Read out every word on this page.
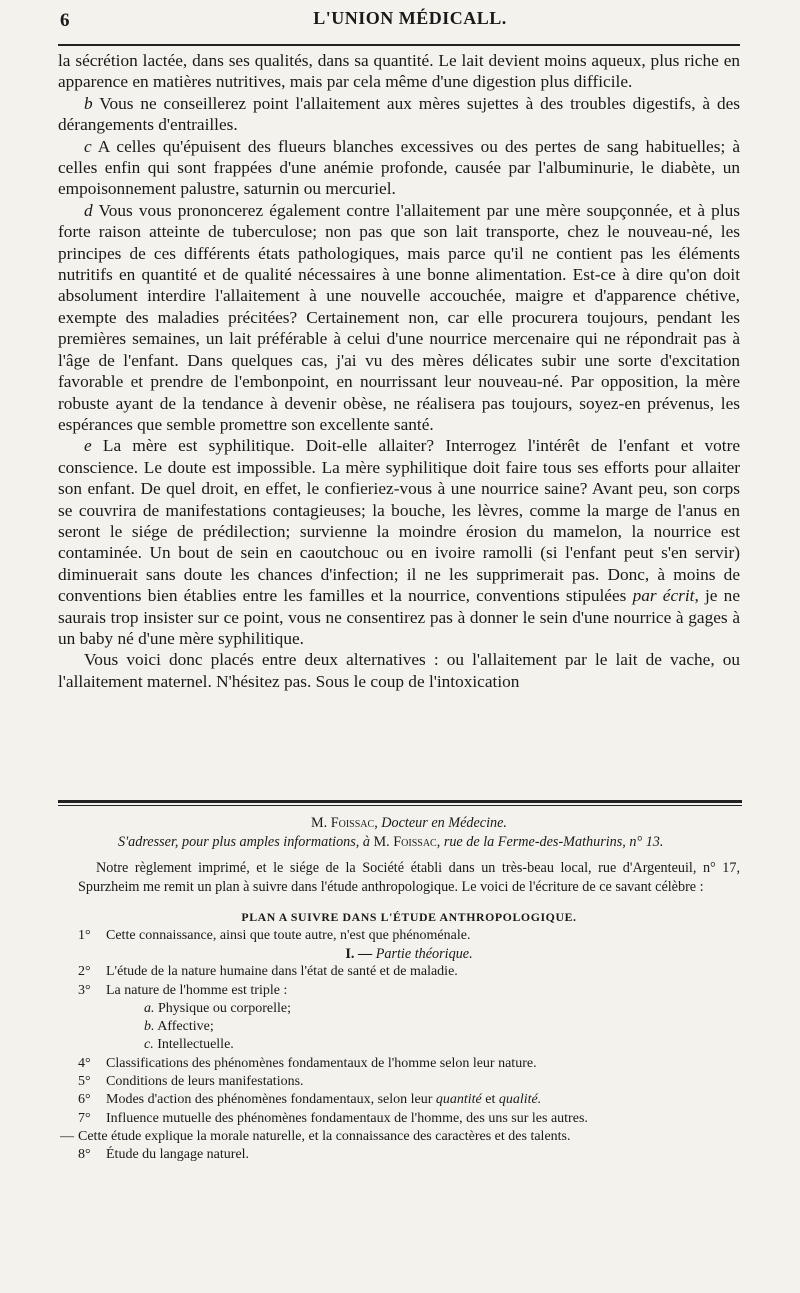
6	L'UNION MÉDICALL.

la sécrétion lactée, dans ses qualités, dans sa quantité. Le lait devient moins aqueux, plus riche en apparence en matières nutritives, mais par cela même d'une digestion plus difficile.

b Vous ne conseillerez point l'allaitement aux mères sujettes à des troubles digestifs, à des dérangements d'entrailles.

c A celles qu'épuisent des flueurs blanches excessives ou des pertes de sang habituelles; à celles enfin qui sont frappées d'une anémie profonde, causée par l'albuminurie, le diabète, un empoisonnement palustre, saturnin ou mercuriel.

d Vous vous prononcerez également contre l'allaitement par une mère soupçonnée, et à plus forte raison atteinte de tuberculose; non pas que son lait transporte, chez le nouveau-né, les principes de ces différents états pathologiques, mais parce qu'il ne contient pas les éléments nutritifs en quantité et de qualité nécessaires à une bonne alimentation. Est-ce à dire qu'on doit absolument interdire l'allaitement à une nouvelle accouchée, maigre et d'apparence chétive, exempte des maladies précitées? Certainement non, car elle procurera toujours, pendant les premières semaines, un lait préférable à celui d'une nourrice mercenaire qui ne répondrait pas à l'âge de l'enfant. Dans quelques cas, j'ai vu des mères délicates subir une sorte d'excitation favorable et prendre de l'embonpoint, en nourrissant leur nouveau-né. Par opposition, la mère robuste ayant de la tendance à devenir obèse, ne réalisera pas toujours, soyez-en prévenus, les espérances que semble promettre son excellente santé.

e La mère est syphilitique. Doit-elle allaiter? Interrogez l'intérêt de l'enfant et votre conscience. Le doute est impossible. La mère syphilitique doit faire tous ses efforts pour allaiter son enfant. De quel droit, en effet, le confieriez-vous à une nourrice saine? Avant peu, son corps se couvrira de manifestations contagieuses; la bouche, les lèvres, comme la marge de l'anus en seront le siége de prédilection; survienne la moindre érosion du mamelon, la nourrice est contaminée. Un bout de sein en caoutchouc ou en ivoire ramolli (si l'enfant peut s'en servir) diminuerait sans doute les chances d'infection; il ne les supprimerait pas. Donc, à moins de conventions bien établies entre les familles et la nourrice, conventions stipulées par écrit, je ne saurais trop insister sur ce point, vous ne consentirez pas à donner le sein d'une nourrice à gages à un baby né d'une mère syphilitique.

Vous voici donc placés entre deux alternatives : ou l'allaitement par le lait de vache, ou l'allaitement maternel. N'hésitez pas. Sous le coup de l'intoxication

M. Foissac, Docteur en Médecine.

S'adresser, pour plus amples informations, à M. Foissac, rue de la Ferme-des-Mathurins, n° 13.

Notre règlement imprimé, et le siége de la Société établi dans un très-beau local, rue d'Argenteuil, n° 17, Spurzheim me remit un plan à suivre dans l'étude anthropologique. Le voici de l'écriture de ce savant célèbre :

PLAN A SUIVRE DANS L'ÉTUDE ANTHROPOLOGIQUE.

1°	Cette connaissance, ainsi que toute autre, n'est que phénoménale.

I. — Partie théorique.

2°	L'étude de la nature humaine dans l'état de santé et de maladie.
3°	La nature de l'homme est triple :
a. Physique ou corporelle;
b. Affective;
c. Intellectuelle.
4°	Classifications des phénomènes fondamentaux de l'homme selon leur nature.
5°	Conditions de leurs manifestations.
6°	Modes d'action des phénomènes fondamentaux, selon leur quantité et qualité.
7°	Influence mutuelle des phénomènes fondamentaux de l'homme, des uns sur les autres.
— Cette étude explique la morale naturelle, et la connaissance des caractères et des talents.
8°	Étude du langage naturel.
